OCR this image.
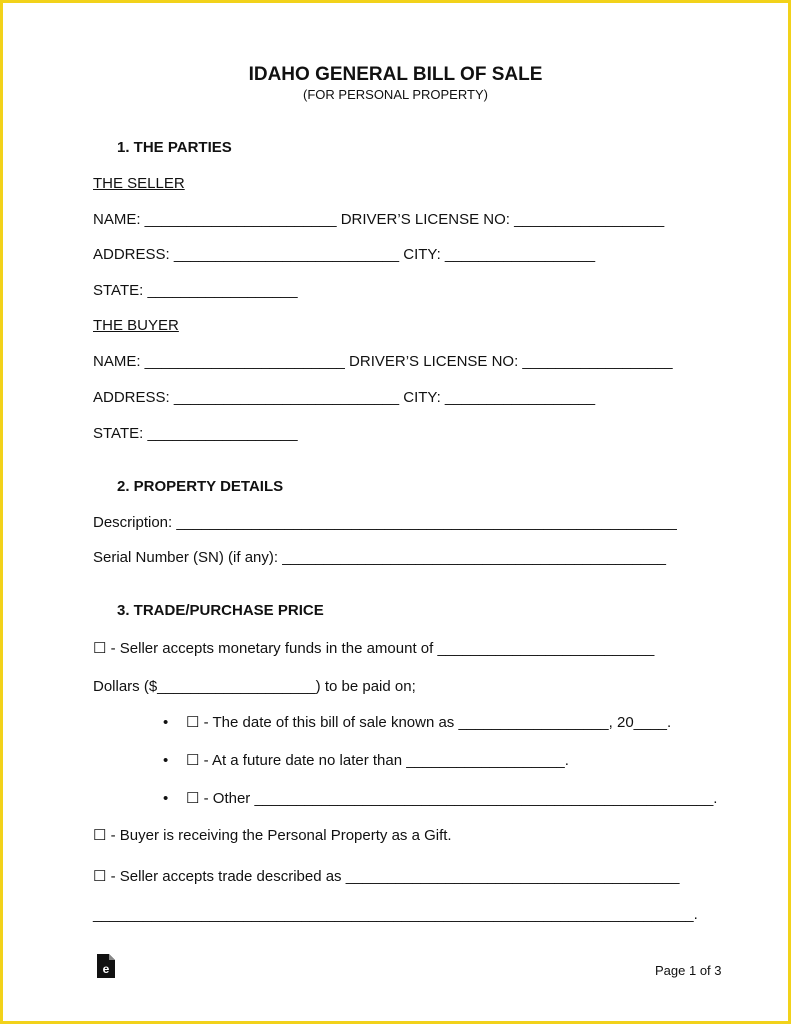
IDAHO GENERAL BILL OF SALE
(FOR PERSONAL PROPERTY)
1. THE PARTIES
THE SELLER
NAME: _______________________ DRIVER’S LICENSE NO: __________________
ADDRESS: ___________________________ CITY: __________________
STATE: __________________
THE BUYER
NAME: ________________________ DRIVER’S LICENSE NO: __________________
ADDRESS: ___________________________ CITY: __________________
STATE: __________________
2. PROPERTY DETAILS
Description: ____________________________________________________________
Serial Number (SN) (if any): ______________________________________________
3. TRADE/PURCHASE PRICE
☐ - Seller accepts monetary funds in the amount of __________________________
Dollars ($___________________) to be paid on;
• ☐ - The date of this bill of sale known as __________________, 20____.
• ☐ - At a future date no later than ___________________.
• ☐ - Other _______________________________________________________.
☐ - Buyer is receiving the Personal Property as a Gift.
☐ - Seller accepts trade described as ________________________________________
________________________________________________________________________.
e	Page 1 of 3
